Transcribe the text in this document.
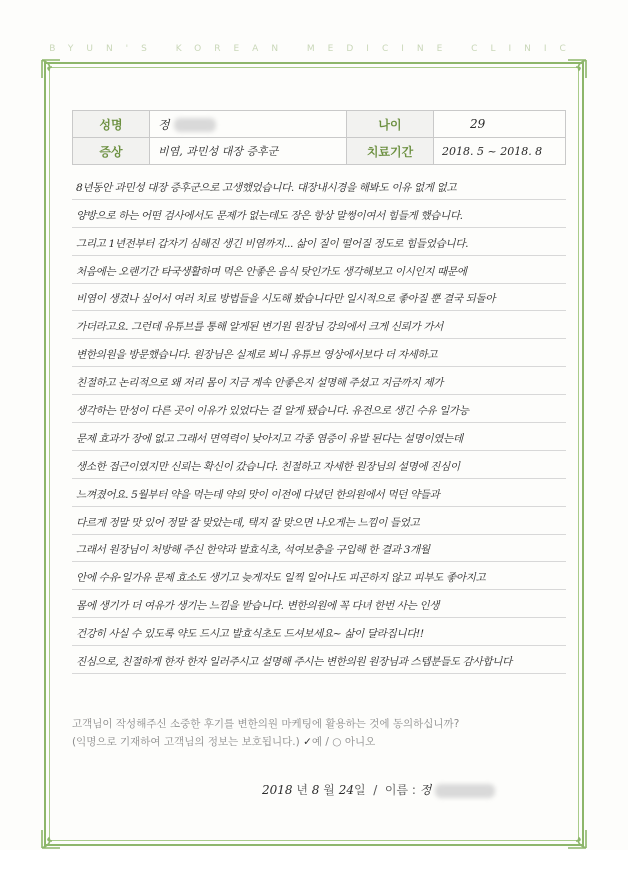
BYUN'S KOREAN MEDICINE CLINIC
성명	정	나이	29
증상	비염, 과민성 대장 증후군	치료기간	2018. 5 ~ 2018. 8
8년동안 과민성 대장 증후군으로 고생했었습니다. 대장내시경을 해봐도 이유 없게 없고
양방으로 하는 어떤 검사에서도 문제가 없는데도 장은 항상 말썽이여서 힘들게 했습니다.
그리고 1년전부터 갑자기 심해진 생긴 비염까지... 삶이 질이 떨어질 정도로 힘들었습니다.
처음에는 오랜기간 타국생활하며 먹은 안좋은 음식 탓인가도 생각해보고 이시인지 때문에
비염이 생겼나 싶어서 여러 치료 방법들을 시도해 봤습니다만 일시적으로 좋아질 뿐 결국 되돌아
가더라고요. 그런데 유튜브를 통해 알게된 변기원 원장님 강의에서 크게 신뢰가 가서
변한의원을 방문했습니다. 원장님은 실제로 뵈니 유튜브 영상에서보다 더 자세하고
친절하고 논리적으로 왜 저리 몸이 지금 계속 안좋은지 설명해 주셨고 지금까지 제가
생각하는 만성이 다른 곳이 이유가 있었다는 걸 알게 됐습니다. 유전으로 생긴 수유 일가능
문제 효과가 장에 없고 그래서 면역력이 낮아지고 각종 염증이 유발 된다는 설명이였는데
생소한 접근이였지만 신뢰는 확신이 갔습니다. 친절하고 자세한 원장님의 설명에 진심이
느껴졌어요. 5월부터 약을 먹는데 약의 맛이 이전에 다녔던 한의원에서 먹던 약들과
다르게 정말 맛 있어 정말 잘 맞았는데, 택지 잘 맞으면 나오게는 느낌이 들었고
그래서 원장님이 처방해 주신 한약과 발효식초, 석여보충을 구입해 한 결과 3개월
안에 수유·일가유 문제 효소도 생기고 늦게자도 일찍 일어나도 피곤하지 않고 피부도 좋아지고
몸에 생기가 더 여유가 생기는 느낌을 받습니다. 변한의원에 꼭 다녀 한번 사는 인생
건강히 사실 수 있도록 약도 드시고 발효식초도 드셔보세요~ 삶이 달라집니다!!
진심으로, 친절하게 한자 한자 일러주시고 설명해 주시는 변한의원 원장님과 스텝분들도 감사합니다
고객님이 작성해주신 소중한 후기를 변한의원 마케팅에 활용하는 것에 동의하십니까?
(익명으로 기재하여 고객님의 정보는 보호됩니다.) ✓예 / ○ 아니오
2018 년 8 월 24일 / 이름 : 정
